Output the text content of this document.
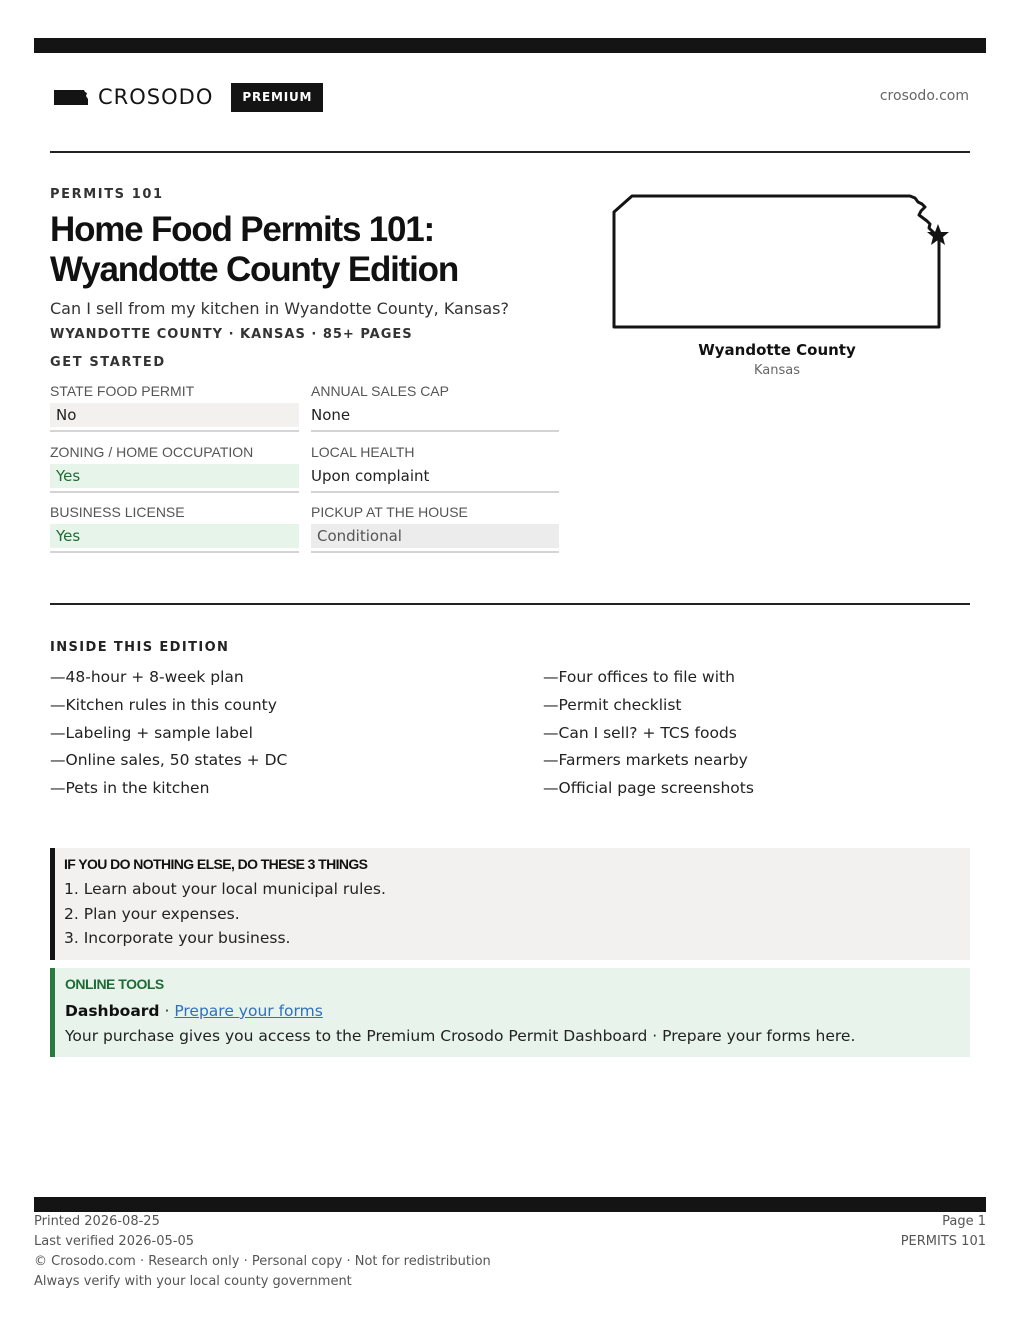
CROSODO	PREMIUM	crosodo.com
PERMITS 101
Home Food Permits 101:
Wyandotte County Edition
Can I sell from my kitchen in Wyandotte County, Kansas?
WYANDOTTE COUNTY · KANSAS · 85+ PAGES
GET STARTED
STATE FOOD PERMIT
No
ANNUAL SALES CAP
None
ZONING / HOME OCCUPATION
Yes
LOCAL HEALTH
Upon complaint
BUSINESS LICENSE
Yes
PICKUP AT THE HOUSE
Conditional
Wyandotte County
Kansas
INSIDE THIS EDITION
—48-hour + 8-week plan
—Kitchen rules in this county
—Labeling + sample label
—Online sales, 50 states + DC
—Pets in the kitchen
—Four offices to file with
—Permit checklist
—Can I sell? + TCS foods
—Farmers markets nearby
—Official page screenshots
IF YOU DO NOTHING ELSE, DO THESE 3 THINGS
1. Learn about your local municipal rules.
2. Plan your expenses.
3. Incorporate your business.
ONLINE TOOLS
Dashboard · Prepare your forms
Your purchase gives you access to the Premium Crosodo Permit Dashboard · Prepare your forms here.
Printed 2026-08-25
Last verified 2026-05-05
© Crosodo.com · Research only · Personal copy · Not for redistribution
Always verify with your local county government
Page 1
PERMITS 101
